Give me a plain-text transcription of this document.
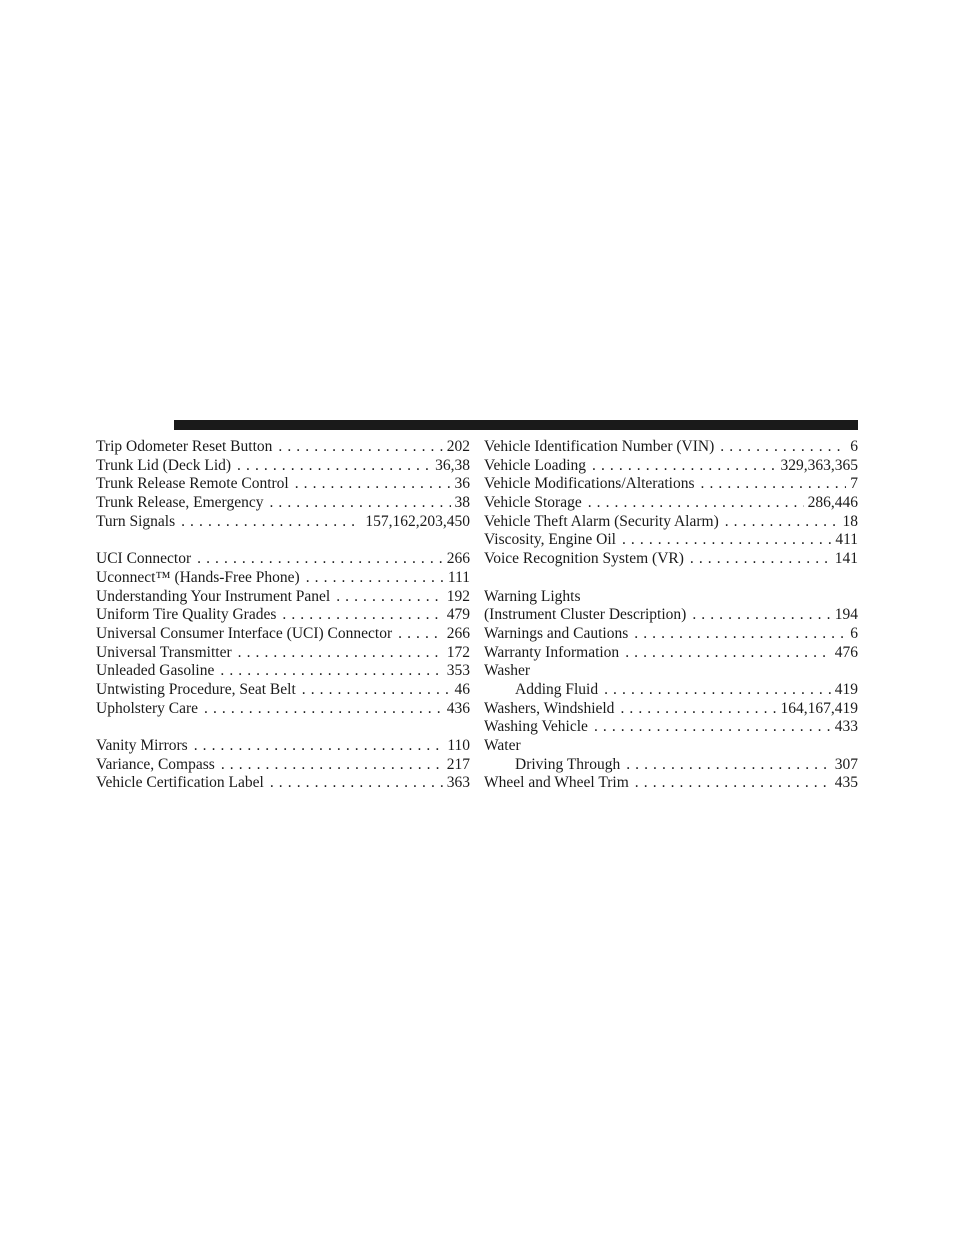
Trip Odometer Reset Button . . .	202
Trunk Lid (Deck Lid) . . .	36,38
Trunk Release Remote Control . . .	36
Trunk Release, Emergency . . .	38
Turn Signals . . .	157,162,203,450
UCI Connector . . .	266
Uconnect™ (Hands-Free Phone) . . .	111
Understanding Your Instrument Panel . . .	192
Uniform Tire Quality Grades . . .	479
Universal Consumer Interface (UCI) Connector . . .	266
Universal Transmitter . . .	172
Unleaded Gasoline . . .	353
Untwisting Procedure, Seat Belt . . .	46
Upholstery Care . . .	436
Vanity Mirrors . . .	110
Variance, Compass . . .	217
Vehicle Certification Label . . .	363
Vehicle Identification Number (VIN) . . .	6
Vehicle Loading . . .	329,363,365
Vehicle Modifications/Alterations . . .	7
Vehicle Storage . . .	286,446
Vehicle Theft Alarm (Security Alarm) . . .	18
Viscosity, Engine Oil . . .	411
Voice Recognition System (VR) . . .	141
Warning Lights
(Instrument Cluster Description) . . .	194
Warnings and Cautions . . .	6
Warranty Information . . .	476
Washer
Adding Fluid . . .	419
Washers, Windshield . . .	164,167,419
Washing Vehicle . . .	433
Water
Driving Through . . .	307
Wheel and Wheel Trim . . .	435
